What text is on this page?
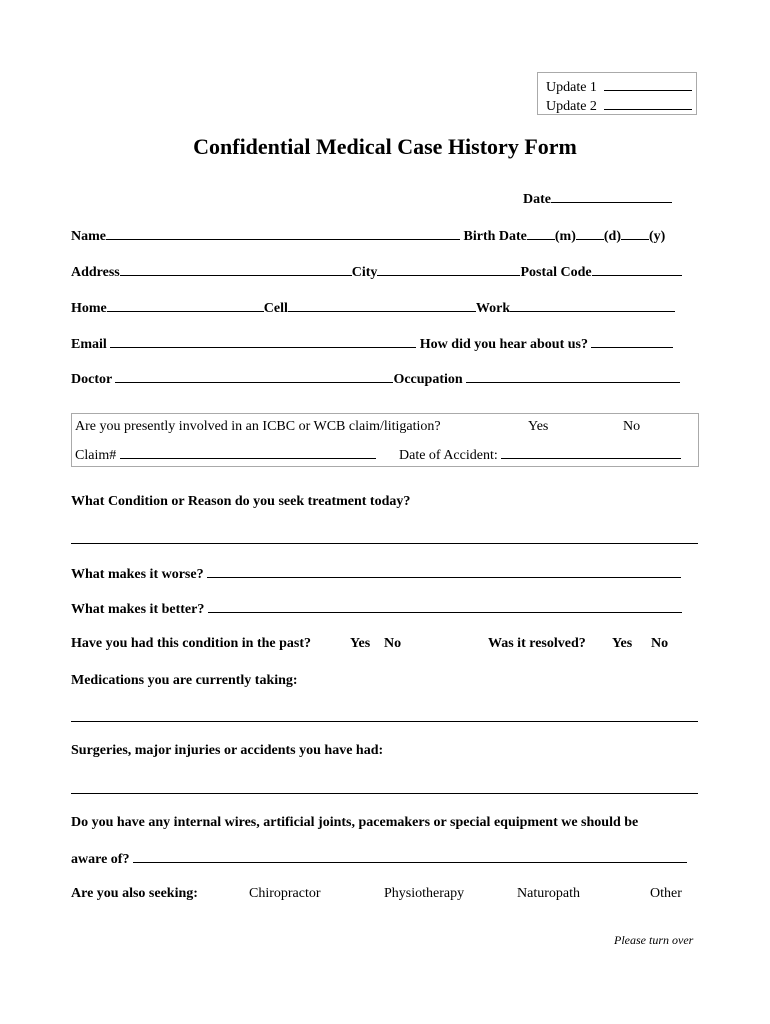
Update 1
Update 2
Confidential Medical Case History Form
Date
Name	Birth Date (m) (d) (y)
Address	City	Postal Code
Home	Cell	Work
Email	How did you hear about us?
Doctor	Occupation
Are you presently involved in an ICBC or WCB claim/litigation?	Yes	No
Claim#	Date of Accident:
What Condition or Reason do you seek treatment today?
What makes it worse?
What makes it better?
Have you had this condition in the past?	Yes No	Was it resolved? Yes No
Medications you are currently taking:
Surgeries, major injuries or accidents you have had:
Do you have any internal wires, artificial joints, pacemakers or special equipment we should be
aware of?
Are you also seeking:	Chiropractor	Physiotherapy	Naturopath	Other
Please turn over
